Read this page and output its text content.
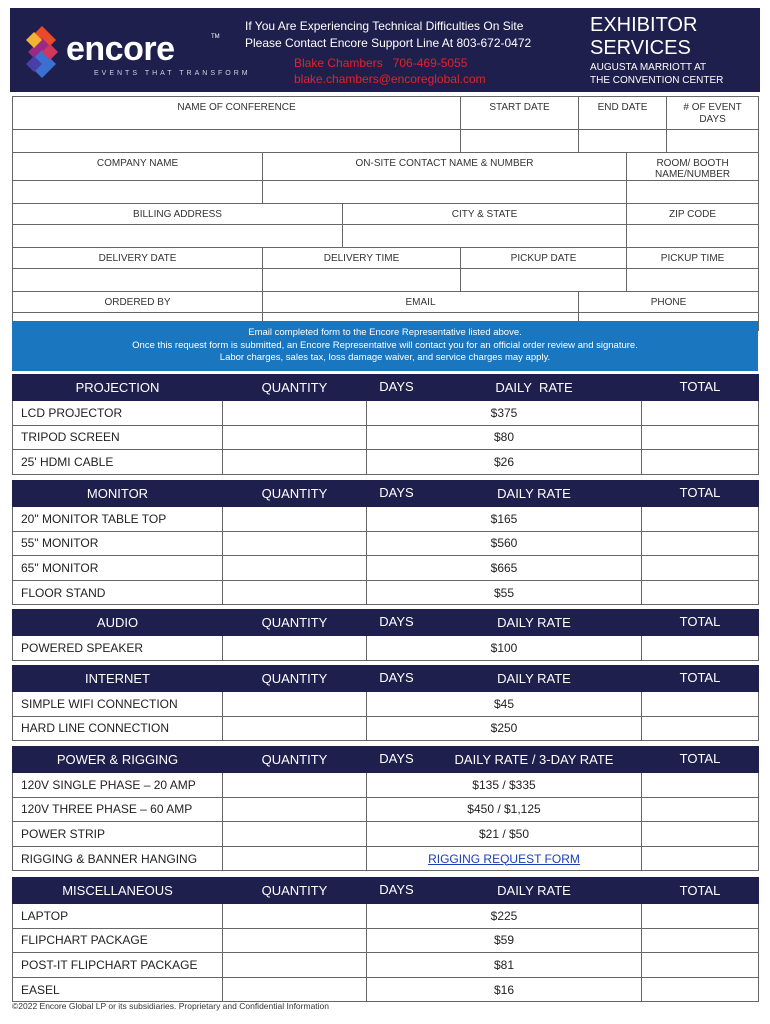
encore	TM
EVENTS THAT TRANSFORM
If You Are Experiencing Technical Difficulties On Site
Please Contact Encore Support Line At 803-672-0472
Blake Chambers   706-469-5055
blake.chambers@encoreglobal.com
EXHIBITOR
SERVICES
AUGUSTA MARRIOTT AT
THE CONVENTION CENTER
NAME OF CONFERENCE			START DATE	END DATE		# OF EVENT DAYS

COMPANY NAME	ON-SITE CONTACT NAME & NUMBER				ROOM/ BOOTH NAME/NUMBER	

BILLING ADDRESS		CITY & STATE			ZIP CODE	

DELIVERY DATE	DELIVERY TIME		PICKUP DATE		PICKUP TIME	

ORDERED BY	EMAIL			PHONE		

Email completed form to the Encore Representative listed above.
Once this request form is submitted, an Encore Representative will contact you for an official order review and signature.
Labor charges, sales tax, loss damage waiver, and service charges may apply.
PROJECTION	QUANTITY	DAYS	DAILY  RATE	TOTAL
LCD PROJECTOR		$375		
TRIPOD SCREEN		$80		
25' HDMI CABLE		$26		
MONITOR	QUANTITY	DAYS	DAILY RATE	TOTAL
20" MONITOR TABLE TOP		$165		
55" MONITOR		$560		
65" MONITOR		$665		
FLOOR STAND		$55		
AUDIO	QUANTITY	DAYS	DAILY RATE	TOTAL
POWERED SPEAKER		$100		
INTERNET	QUANTITY	DAYS	DAILY RATE	TOTAL
SIMPLE WIFI CONNECTION		$45		
HARD LINE CONNECTION		$250		
POWER & RIGGING	QUANTITY	DAYS	DAILY RATE / 3-DAY RATE	TOTAL
120V SINGLE PHASE – 20 AMP		$135 / $335		
120V THREE PHASE – 60 AMP		$450 / $1,125		
POWER STRIP		$21 / $50		
RIGGING & BANNER HANGING		RIGGING REQUEST FORM		
MISCELLANEOUS	QUANTITY	DAYS	DAILY RATE	TOTAL
LAPTOP		$225		
FLIPCHART PACKAGE		$59		
POST-IT FLIPCHART PACKAGE		$81		
EASEL		$16		
©2022 Encore Global LP or its subsidiaries. Proprietary and Confidential Information
